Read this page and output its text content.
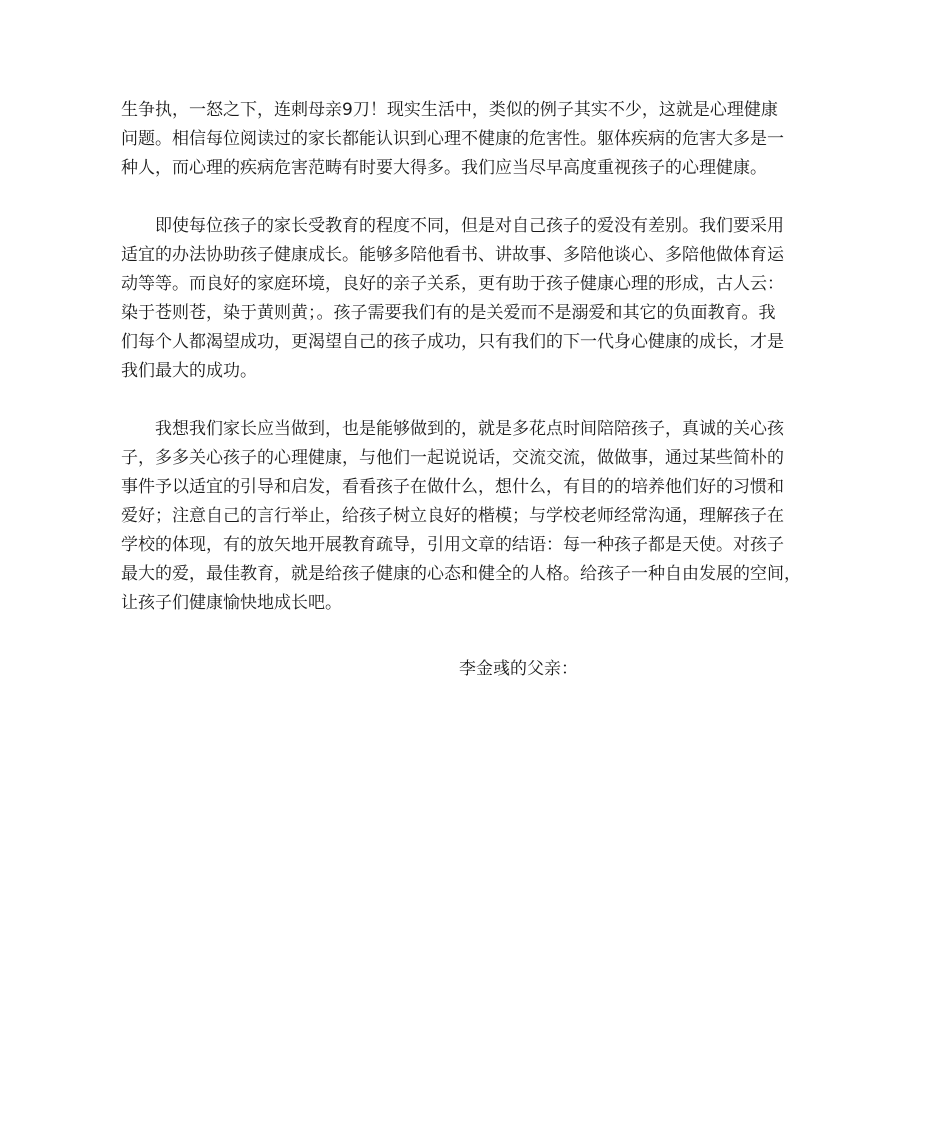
生争执，一怒之下，连刺母亲9刀！现实生活中，类似的例子其实不少，这就是心理健康
问题。相信每位阅读过的家长都能认识到心理不健康的危害性。躯体疾病的危害大多是一
种人，而心理的疾病危害范畴有时要大得多。我们应当尽早高度重视孩子的心理健康。

即使每位孩子的家长受教育的程度不同，但是对自己孩子的爱没有差别。我们要采用
适宜的办法协助孩子健康成长。能够多陪他看书、讲故事、多陪他谈心、多陪他做体育运
动等等。而良好的家庭环境，良好的亲子关系，更有助于孩子健康心理的形成，古人云：
染于苍则苍，染于黄则黄；。孩子需要我们有的是关爱而不是溺爱和其它的负面教育。我
们每个人都渴望成功，更渴望自己的孩子成功，只有我们的下一代身心健康的成长，才是
我们最大的成功。

我想我们家长应当做到，也是能够做到的，就是多花点时间陪陪孩子，真诚的关心孩
子，多多关心孩子的心理健康，与他们一起说说话，交流交流，做做事，通过某些简朴的
事件予以适宜的引导和启发，看看孩子在做什么，想什么，有目的的培养他们好的习惯和
爱好；注意自己的言行举止，给孩子树立良好的楷模；与学校老师经常沟通，理解孩子在
学校的体现，有的放矢地开展教育疏导，引用文章的结语：每一种孩子都是天使。对孩子
最大的爱，最佳教育，就是给孩子健康的心态和健全的人格。给孩子一种自由发展的空间，
让孩子们健康愉快地成长吧。

李金彧的父亲：
